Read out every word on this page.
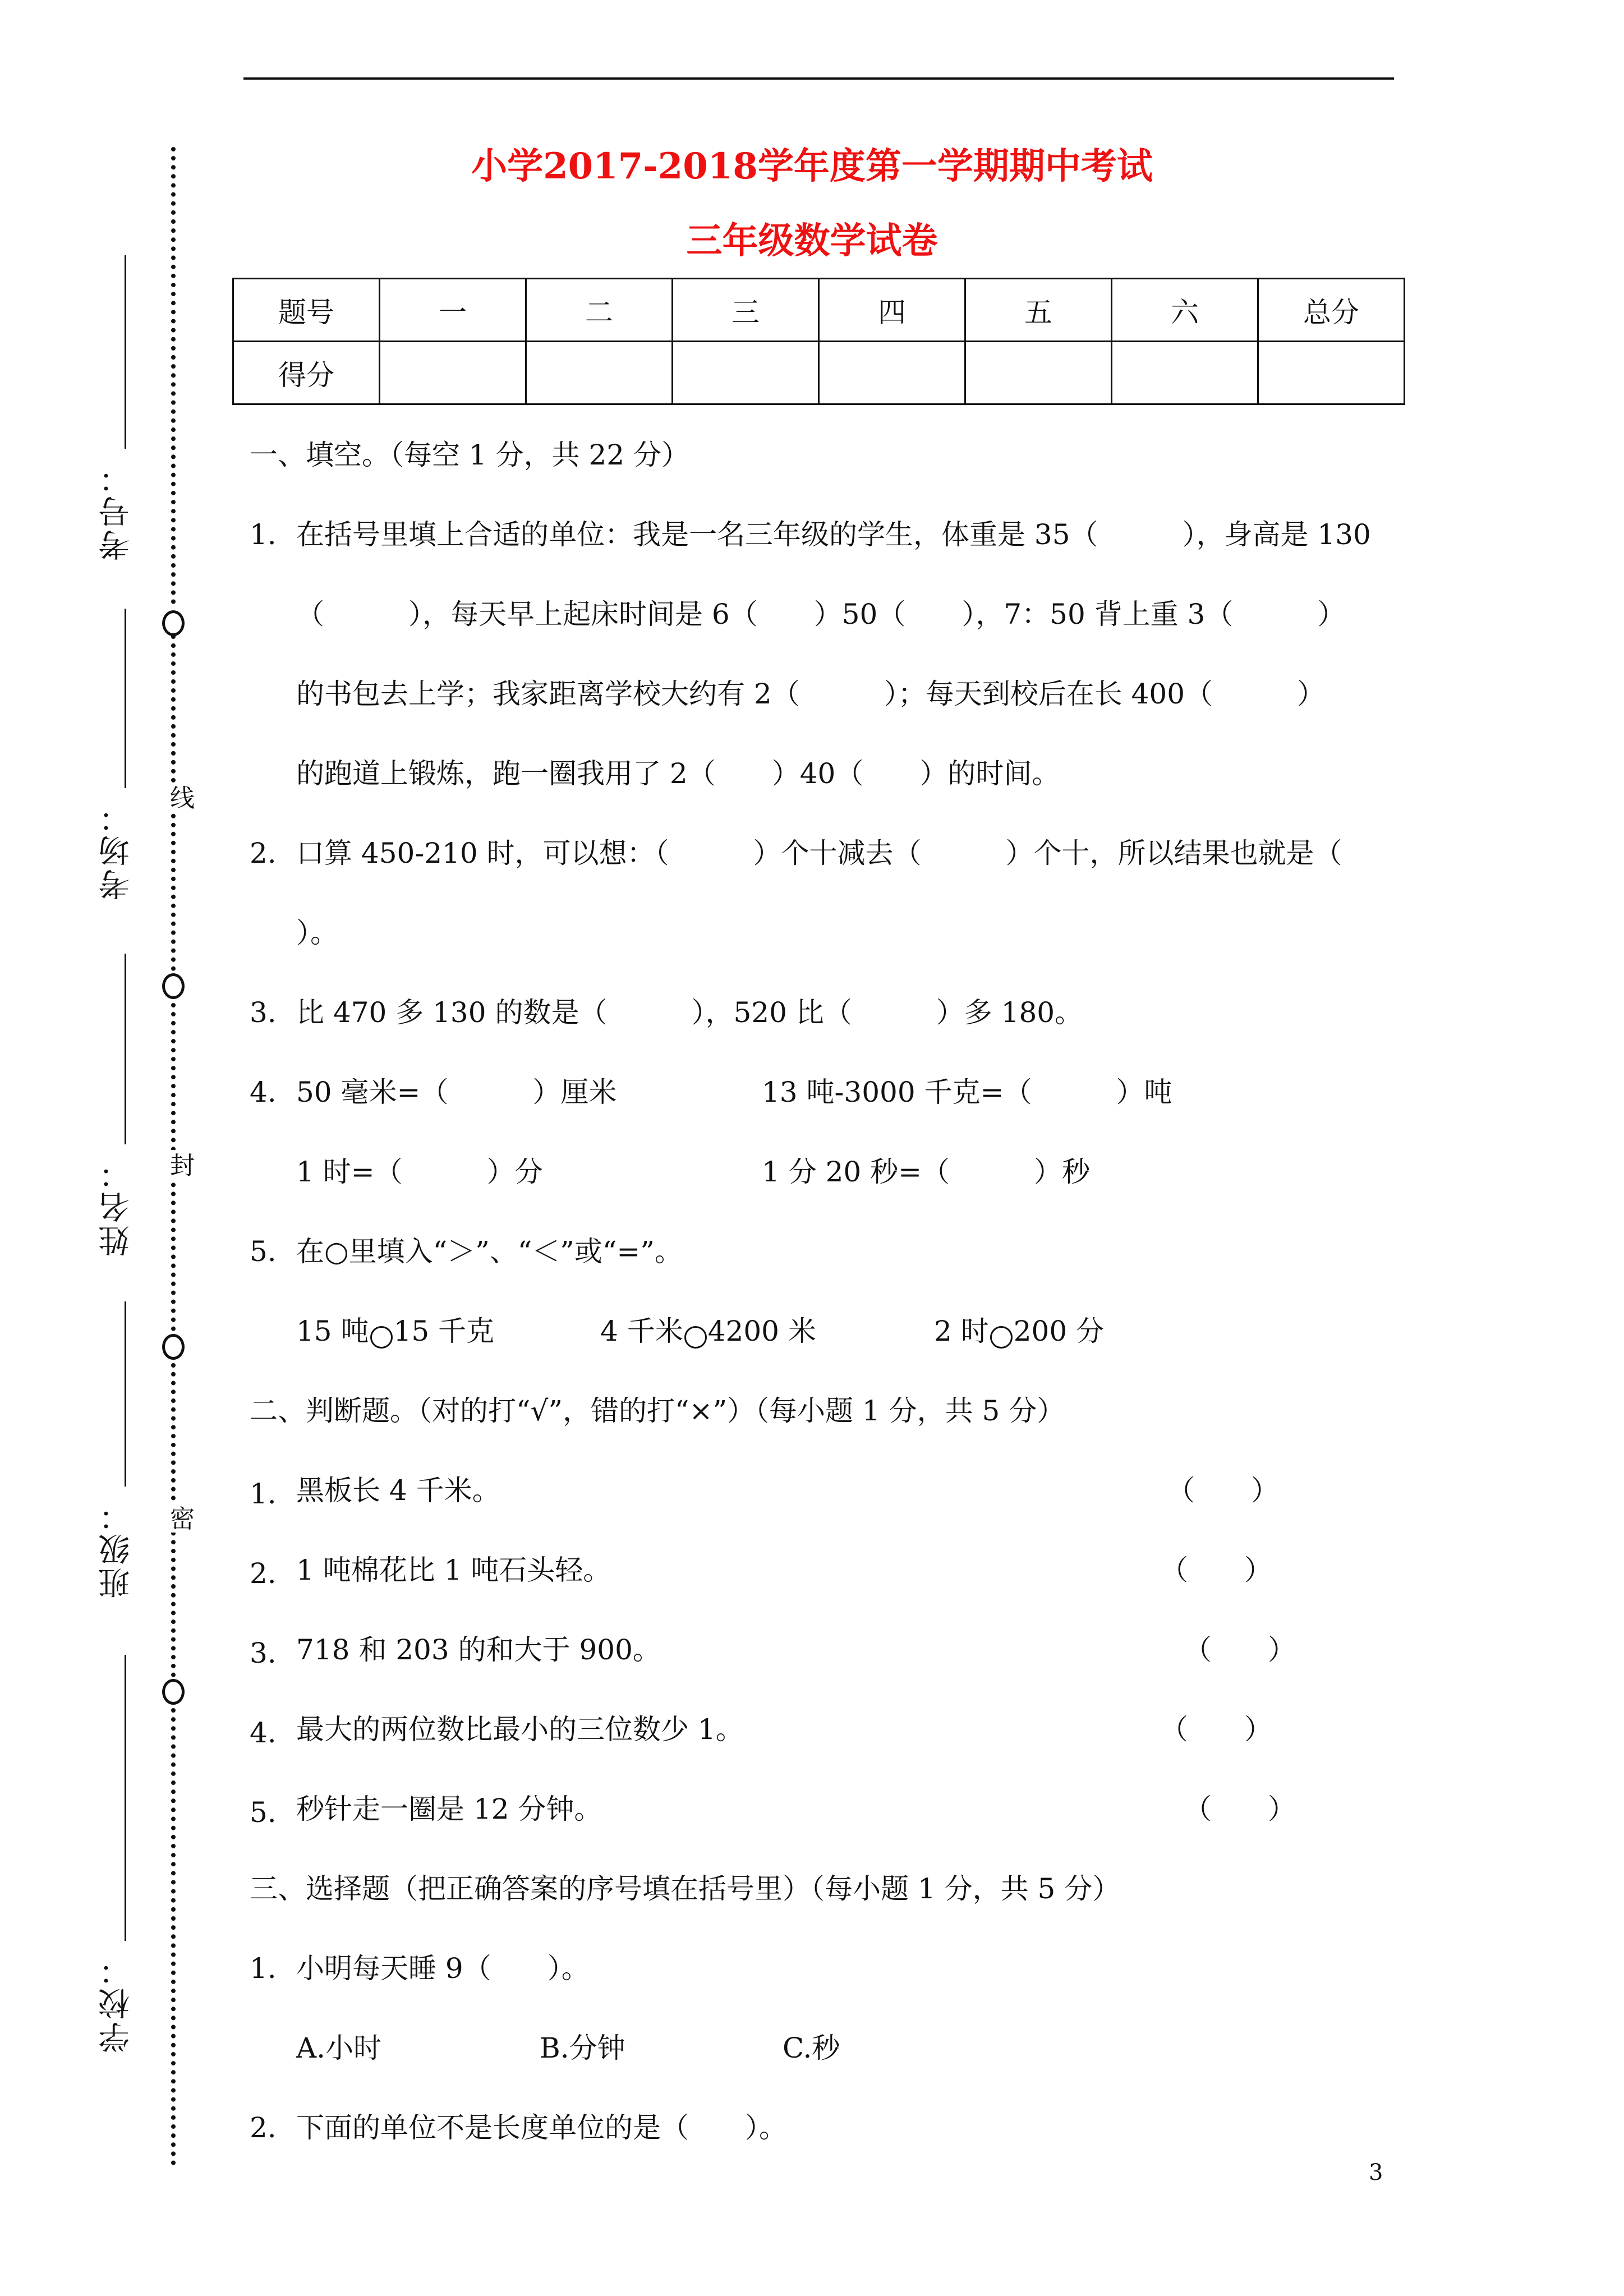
线
封
密
考号：
考场：
姓名：
班级：
学校：
小学2017-2018学年度第一学期期中考试
三年级数学试卷
题号	一	二	三	四	五	六	总分
得分							
一、填空。（每空 1 分，共 22 分）
1. 在括号里填上合适的单位：我是一名三年级的学生，体重是 35（　　　），身高是 130
（　　　），每天早上起床时间是 6（　　）50（　　），7：50 背上重 3（　　　）
的书包去上学；我家距离学校大约有 2（　　　）；每天到校后在长 400（　　　）
的跑道上锻炼，跑一圈我用了 2（　　）40（　　）的时间。
2. 口算 450-210 时，可以想：（　　　）个十减去（　　　）个十，所以结果也就是（
）。
3. 比 470 多 130 的数是（　　　），520 比（　　　）多 180。
4. 50 毫米=（　　　）厘米	13 吨-3000 千克=（　　　）吨
1 时=（　　　）分	1 分 20 秒=（　　　）秒
5. 在○里填入“＞”、“＜”或“=”。
15 吨 15 千克	4 千米 4200 米	2 时 200 分
二、判断题。（对的打“√”，错的打“×”）（每小题 1 分，共 5 分）
1. 黑板长 4 千米。	（　　）
2. 1 吨棉花比 1 吨石头轻。	（　　）
3. 718 和 203 的和大于 900。	（　　）
4. 最大的两位数比最小的三位数少 1。	（　　）
5. 秒针走一圈是 12 分钟。	（　　）
三、选择题（把正确答案的序号填在括号里）（每小题 1 分，共 5 分）
1. 小明每天睡 9（　　）。
A.小时	B.分钟	C.秒
2. 下面的单位不是长度单位的是（　　）。
3
